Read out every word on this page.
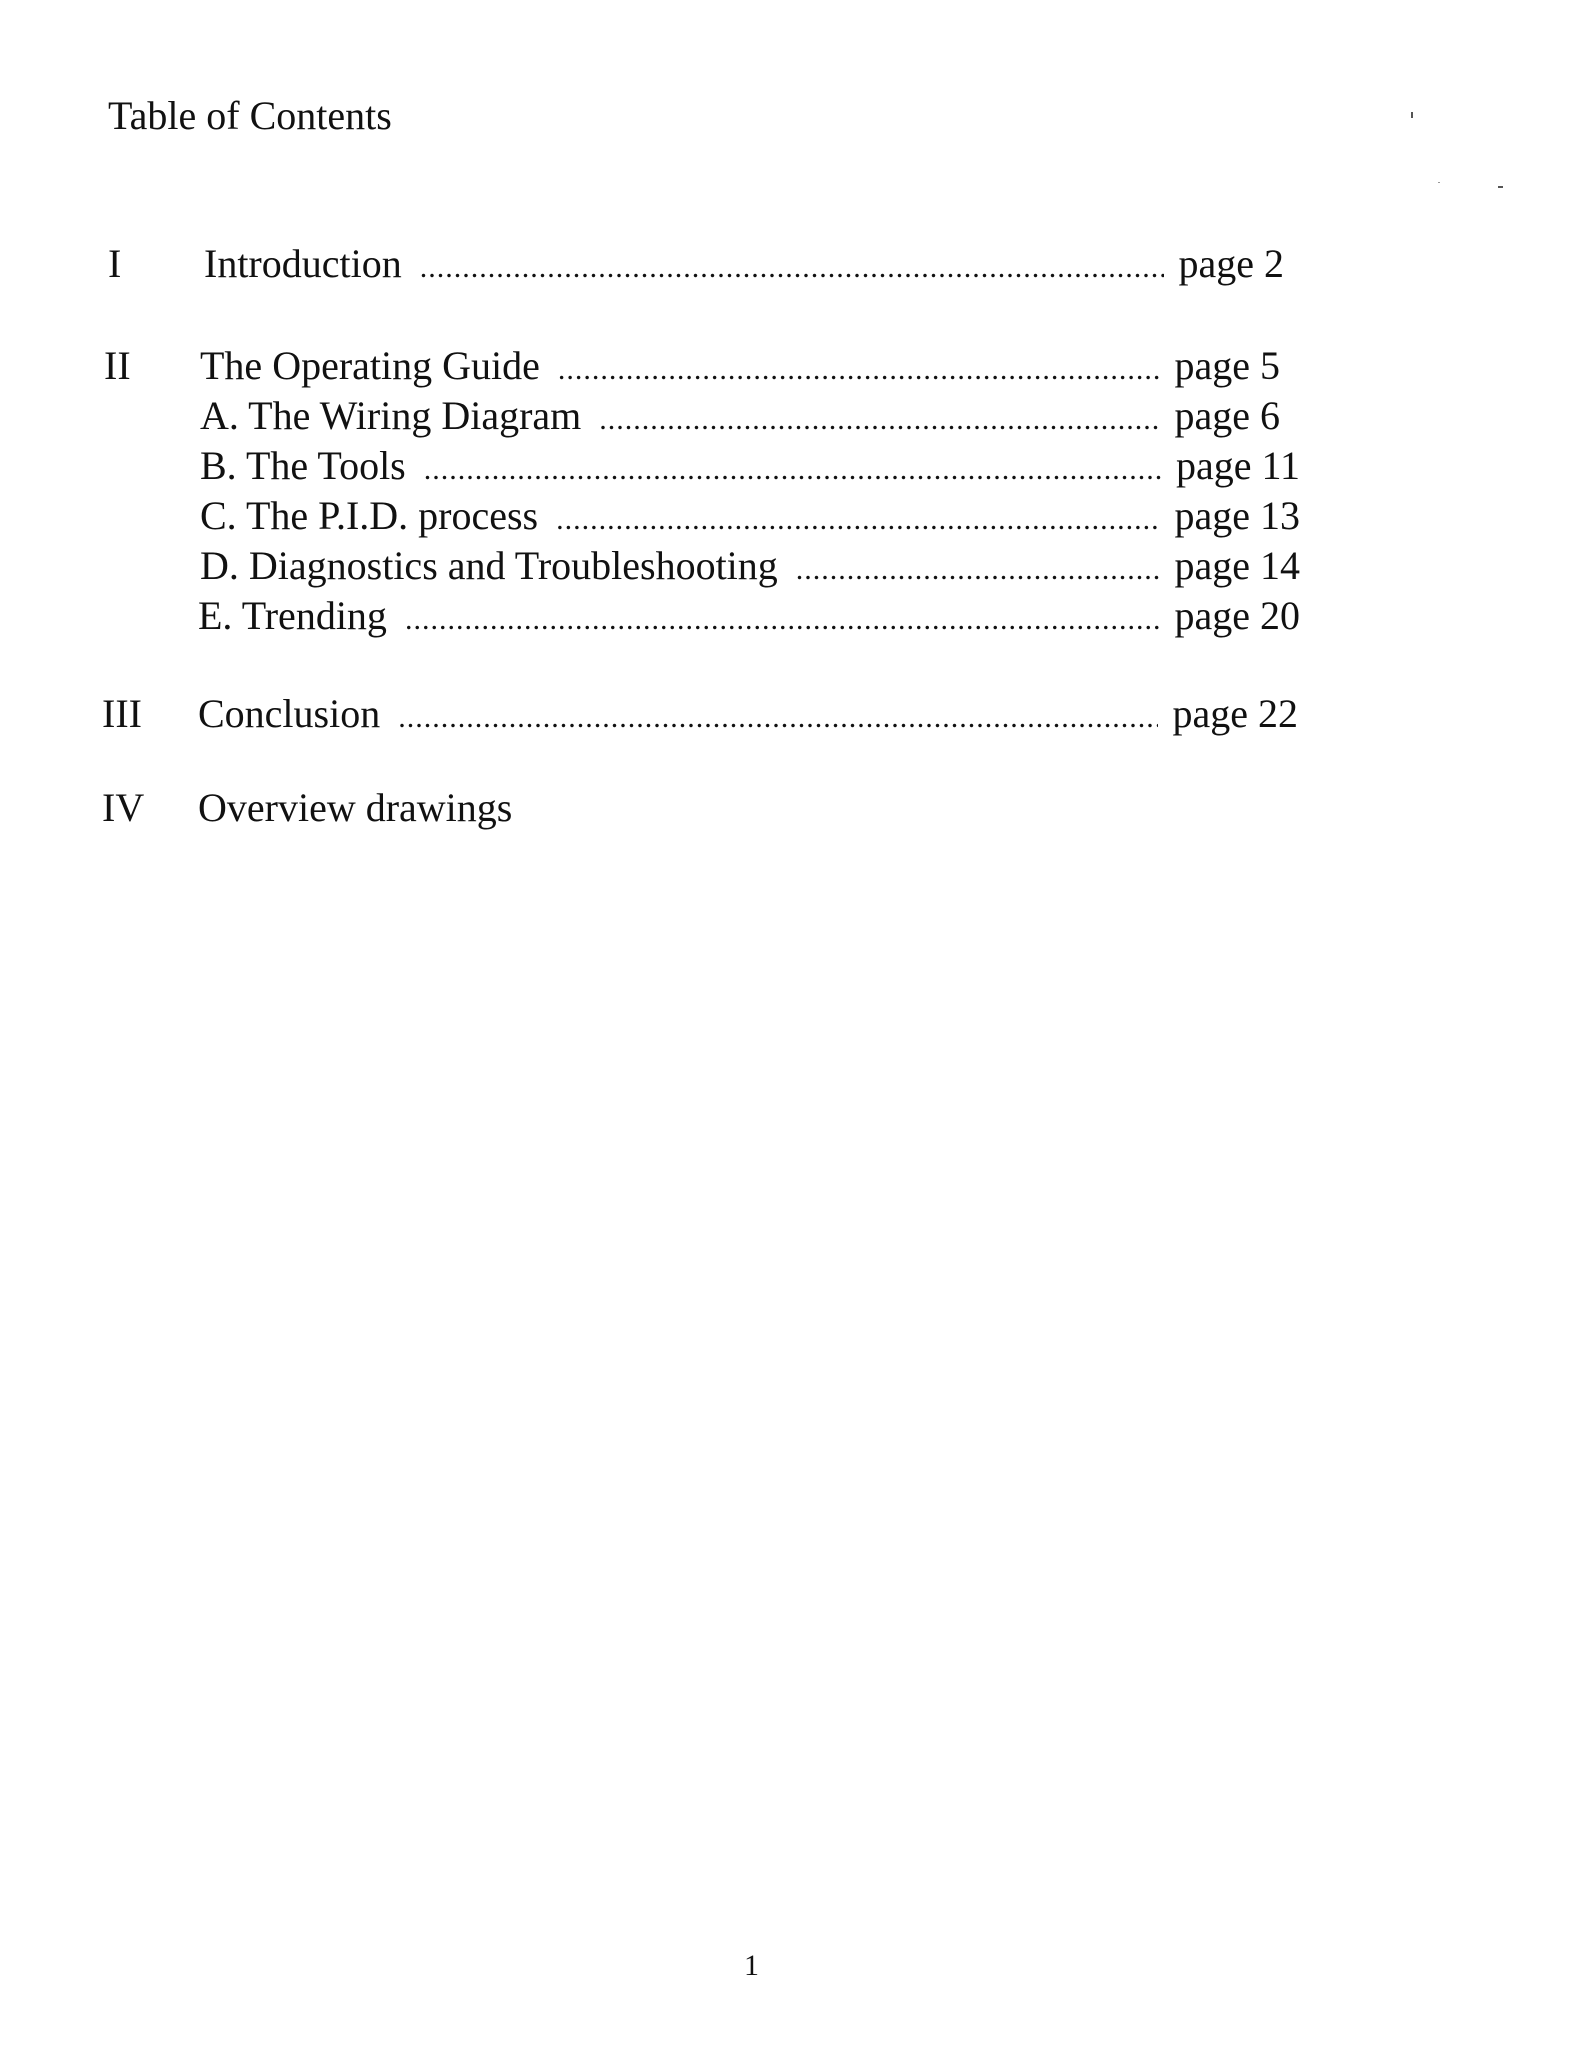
Table of Contents
I Introduction .....	page 2
II The Operating Guide .....	page 5
A. The Wiring Diagram .....	page 6
B. The Tools .....	page 11
C. The P.I.D. process .....	page 13
D. Diagnostics and Troubleshooting .....	page 14
E. Trending .....	page 20
III Conclusion .....	page 22
IV Overview drawings
1
